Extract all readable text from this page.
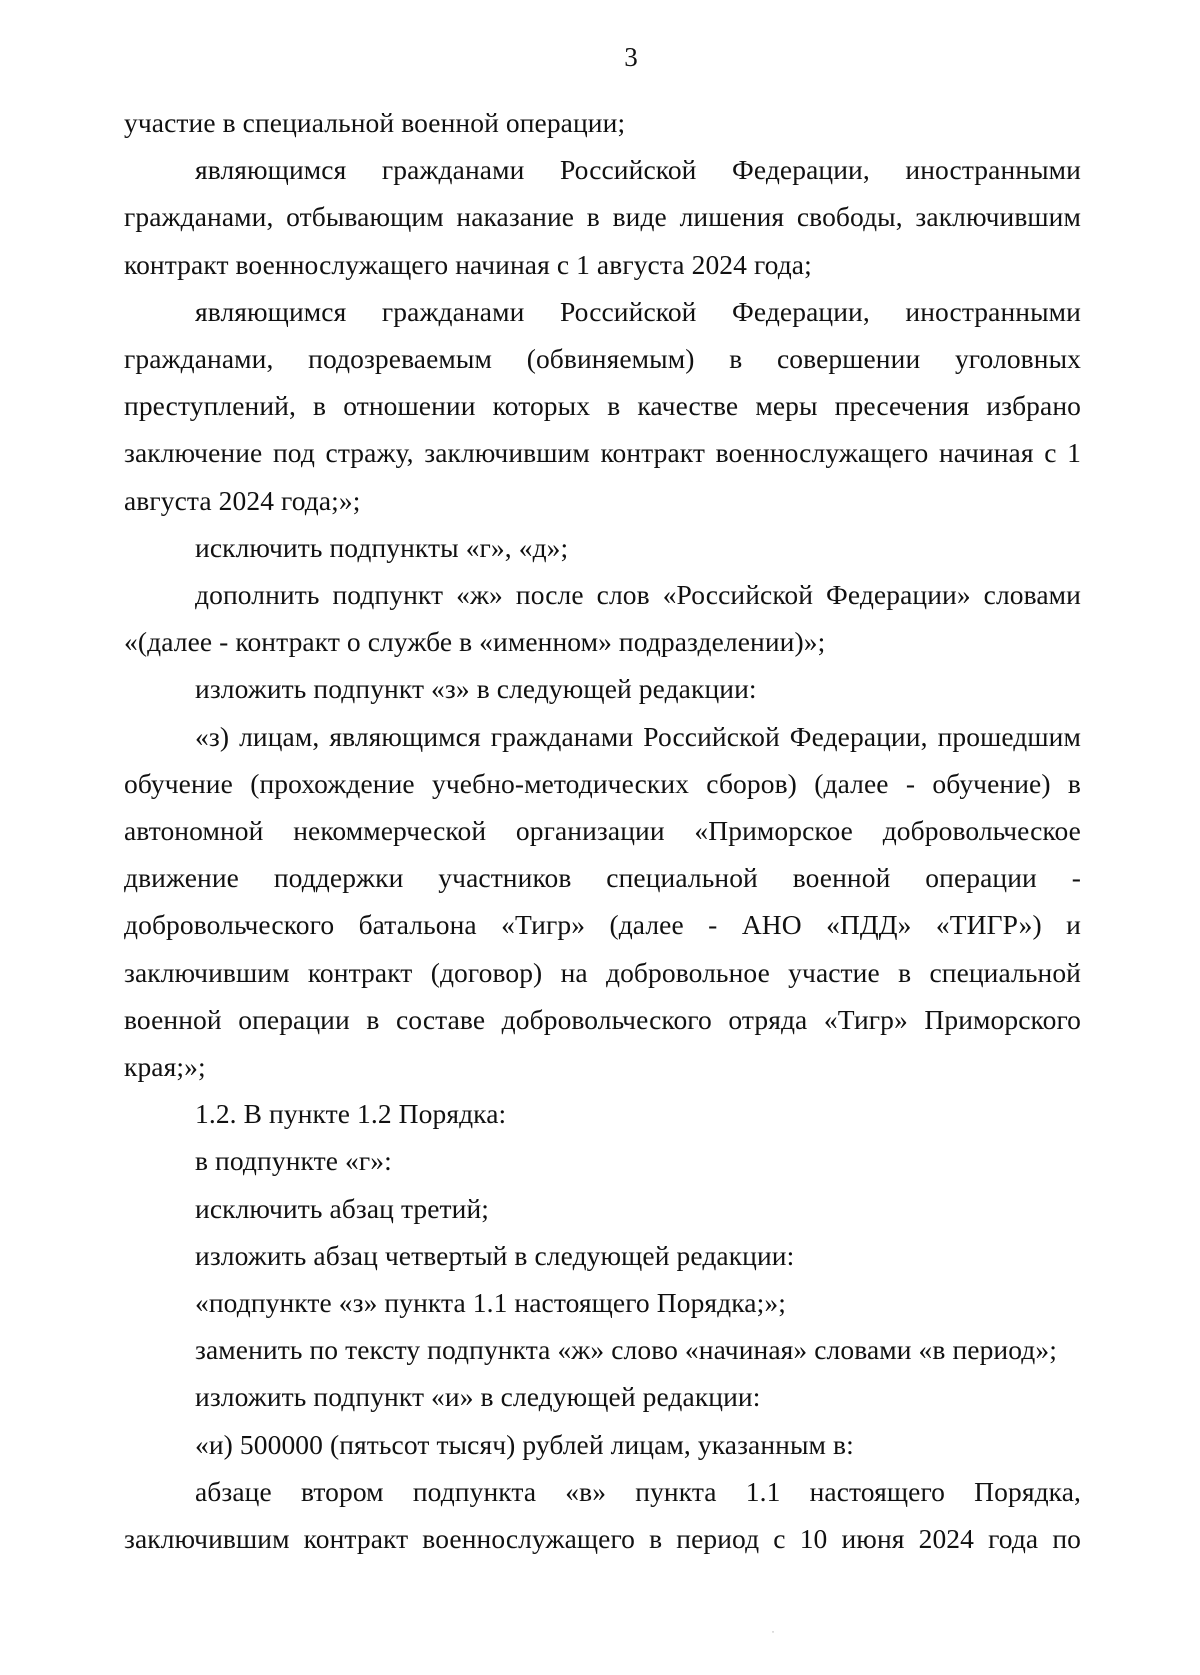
3

участие в специальной военной операции;

являющимся гражданами Российской Федерации, иностранными гражданами, отбывающим наказание в виде лишения свободы, заключившим контракт военнослужащего начиная с 1 августа 2024 года;

являющимся гражданами Российской Федерации, иностранными гражданами, подозреваемым (обвиняемым) в совершении уголовных преступлений, в отношении которых в качестве меры пресечения избрано заключение под стражу, заключившим контракт военнослужащего начиная с 1 августа 2024 года;»;

исключить подпункты «г», «д»;

дополнить подпункт «ж» после слов «Российской Федерации» словами «(далее - контракт о службе в «именном» подразделении)»;

изложить подпункт «з» в следующей редакции:

«з) лицам, являющимся гражданами Российской Федерации, прошедшим обучение (прохождение учебно-методических сборов) (далее - обучение) в автономной некоммерческой организации «Приморское добровольческое движение поддержки участников специальной военной операции - добровольческого батальона «Тигр» (далее - АНО «ПДД» «ТИГР») и заключившим контракт (договор) на добровольное участие в специальной военной операции в составе добровольческого отряда «Тигр» Приморского края;»;

1.2. В пункте 1.2 Порядка:

в подпункте «г»:

исключить абзац третий;

изложить абзац четвертый в следующей редакции:

«подпункте «з» пункта 1.1 настоящего Порядка;»;

заменить по тексту подпункта «ж» слово «начиная» словами «в период»;

изложить подпункт «и» в следующей редакции:

«и) 500000 (пятьсот тысяч) рублей лицам, указанным в:

абзаце втором подпункта «в» пункта 1.1 настоящего Порядка, заключившим контракт военнослужащего в период с 10 июня 2024 года по

˙
